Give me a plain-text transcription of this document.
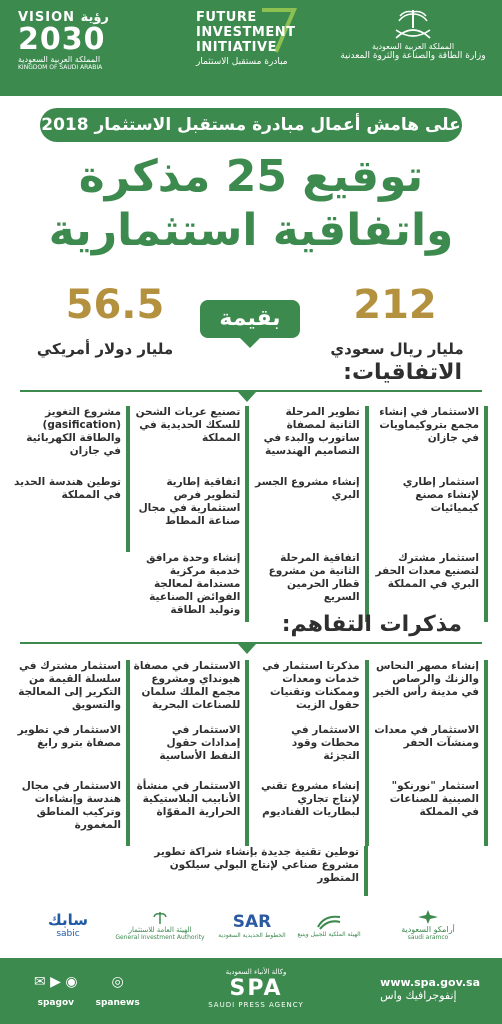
VISION رؤية
2030
المملكة العربية السعودية
KINGDOM OF SAUDI ARABIA
FUTURE
INVESTMENT
INITIATIVE
مبادرة مستقبل الاستثمار
المملكة العربية السعودية
وزارة الطاقة والصناعة والثروة المعدنية
على هامش أعمال مبادرة مستقبل الاستثمار 2018
توقيع 25 مذكرة
واتفاقية استثمارية
56.5
مليار دولار أمريكي
بقيمة	212
مليار ريال سعودي
الاتفاقيات:
الاستثمار في إنشاء مجمع بتروكيماويات في جازان
تطوير المرحلة الثانية لمصفاة ساتورب والبدء في التصاميم الهندسية
تصنيع عربات الشحن للسكك الحديدية في المملكة
مشروع التغويز (gasification) والطاقة الكهربائية في جازان
استثمار إطاري لإنشاء مصنع كيميائيات
إنشاء مشروع الجسر البري
اتفاقية إطارية لتطوير فرص استثمارية في مجال صناعة المطاط
توطين هندسة الحديد في المملكة
استثمار مشترك لتصنيع معدات الحفر البري في المملكة
اتفاقية المرحلة الثانية من مشروع قطار الحرمين السريع
إنشاء وحدة مرافق خدمية مركزية مستدامة لمعالجة الفوائض الصناعية وتوليد الطاقة
مذكرات التفاهم:
إنشاء مصهر النحاس والزنك والرصاص في مدينة رأس الخير
مذكرتا استثمار في خدمات ومعدات وممكنات وتقنيات حقول الزيت
الاستثمار في مصفاة هيونداي ومشروع مجمع الملك سلمان للصناعات البحرية
استثمار مشترك في سلسلة القيمة من التكرير إلى المعالجة والتسويق
الاستثمار في معدات ومنشآت الحفر
الاستثمار في محطات وقود التجزئة
الاستثمار في إمدادات حقول النفط الأساسية
الاستثمار في تطوير مصفاة بترو رابغ
استثمار "نورنكو" الصينية للصناعات في المملكة
إنشاء مشروع تقني لإنتاج تجاري لبطاريات الفناديوم
الاستثمار في منشأة الأنابيب البلاستيكية الحرارية المقوّاة
الاستثمار في مجال هندسة وإنشاءات وتركيب المناطق المغمورة
توطين تقنية جديدة بإنشاء شراكة تطوير مشروع صناعي لإنتاج البولي سيلكون المتطور
أرامكو السعودية
saudi aramco
الهيئة الملكية للجبيل وينبع
SAR
الخطوط الحديدية السعودية
الهيئة العامة للاستثمار
General Investment Authority
سابك
sabic
✉ ▶ ◉
spagov
◎
spanews
وكالة الأنباء السعودية
SPA
SAUDI PRESS AGENCY
www.spa.gov.sa
إنفوجرافيك واس
